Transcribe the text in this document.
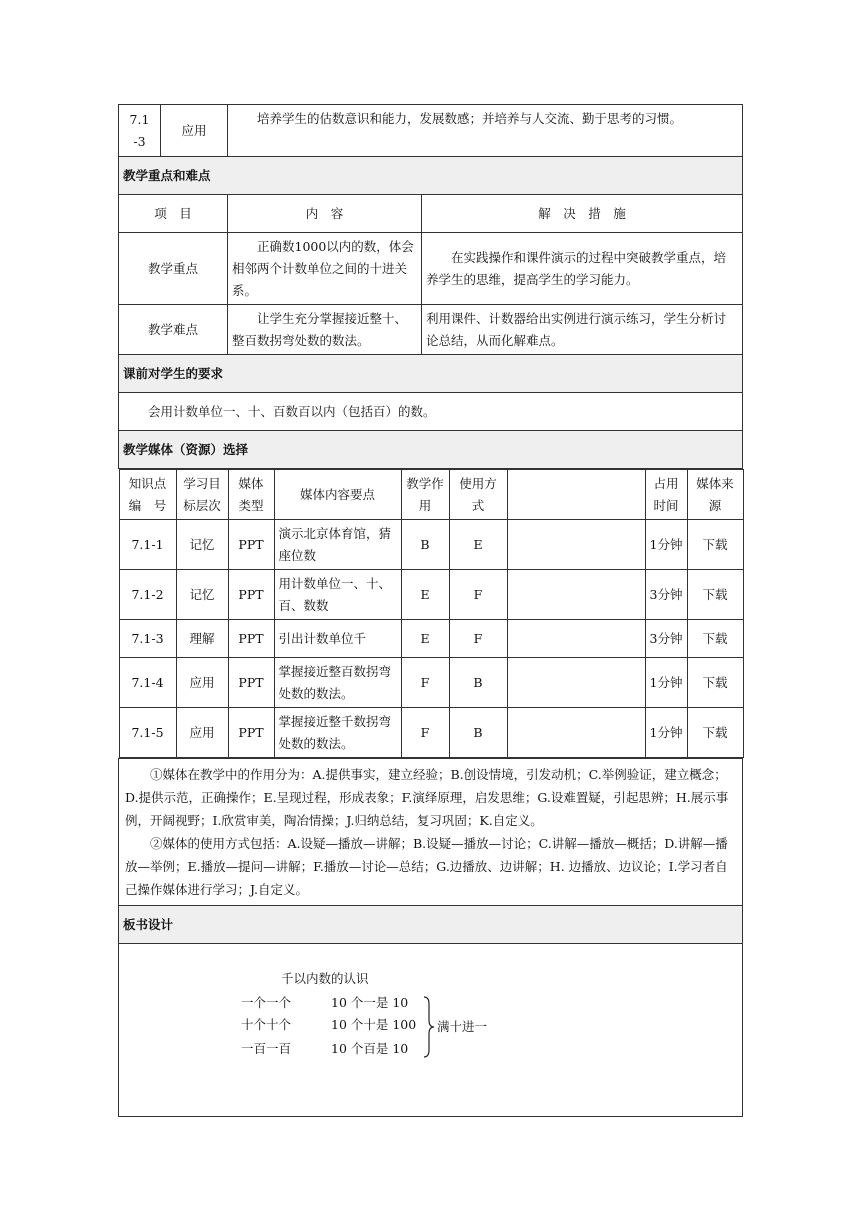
7.1
-3	应用	培养学生的估数意识和能力，发展数感；并培养与人交流、勤于思考的习惯。
教学重点和难点
项　目	内　容	解　决　措　施
教学重点	正确数1000以内的数，体会相邻两个计数单位之间的十进关系。	在实践操作和课件演示的过程中突破教学重点，培养学生的思维，提高学生的学习能力。
教学难点	让学生充分掌握接近整十、整百数拐弯处数的数法。	利用课件、计数器给出实例进行演示练习，学生分析讨论总结，从而化解难点。
课前对学生的要求
会用计数单位一、十、百数百以内（包括百）的数。
教学媒体（资源）选择

知识点编　号	学习目标层次	媒体类型	媒体内容要点	教学作用	使用方式		占用时间	媒体来源
7.1-1	记忆	PPT	演示北京体育馆，猜座位数	B	E		1分钟	下载
7.1-2	记忆	PPT	用计数单位一、十、百、数数	E	F		3分钟	下载
7.1-3	理解	PPT	引出计数单位千	E	F		3分钟	下载
7.1-4	应用	PPT	掌握接近整百数拐弯处数的数法。	F	B		1分钟	下载
7.1-5	应用	PPT	掌握接近整千数拐弯处数的数法。	F	B		1分钟	下载

①媒体在教学中的作用分为：A.提供事实，建立经验；B.创设情境，引发动机；C.举例验证，建立概念；D.提供示范，正确操作；E.呈现过程，形成表象；F.演绎原理，启发思维；G.设难置疑，引起思辨；H.展示事例，开阔视野；I.欣赏审美，陶冶情操；J.归纳总结，复习巩固；K.自定义。

②媒体的使用方式包括：A.设疑—播放—讲解；B.设疑—播放—讨论；C.讲解—播放—概括；D.讲解—播放—举例；E.播放—提问—讲解；F.播放—讨论—总结；G.边播放、边讲解；H. 边播放、边议论；I.学习者自己操作媒体进行学习；J.自定义。

板书设计

千以内数的认识
一个一个	10 个一是 10
十个十个	10 个十是 100
一百一百	10 个百是 10
满十进一
